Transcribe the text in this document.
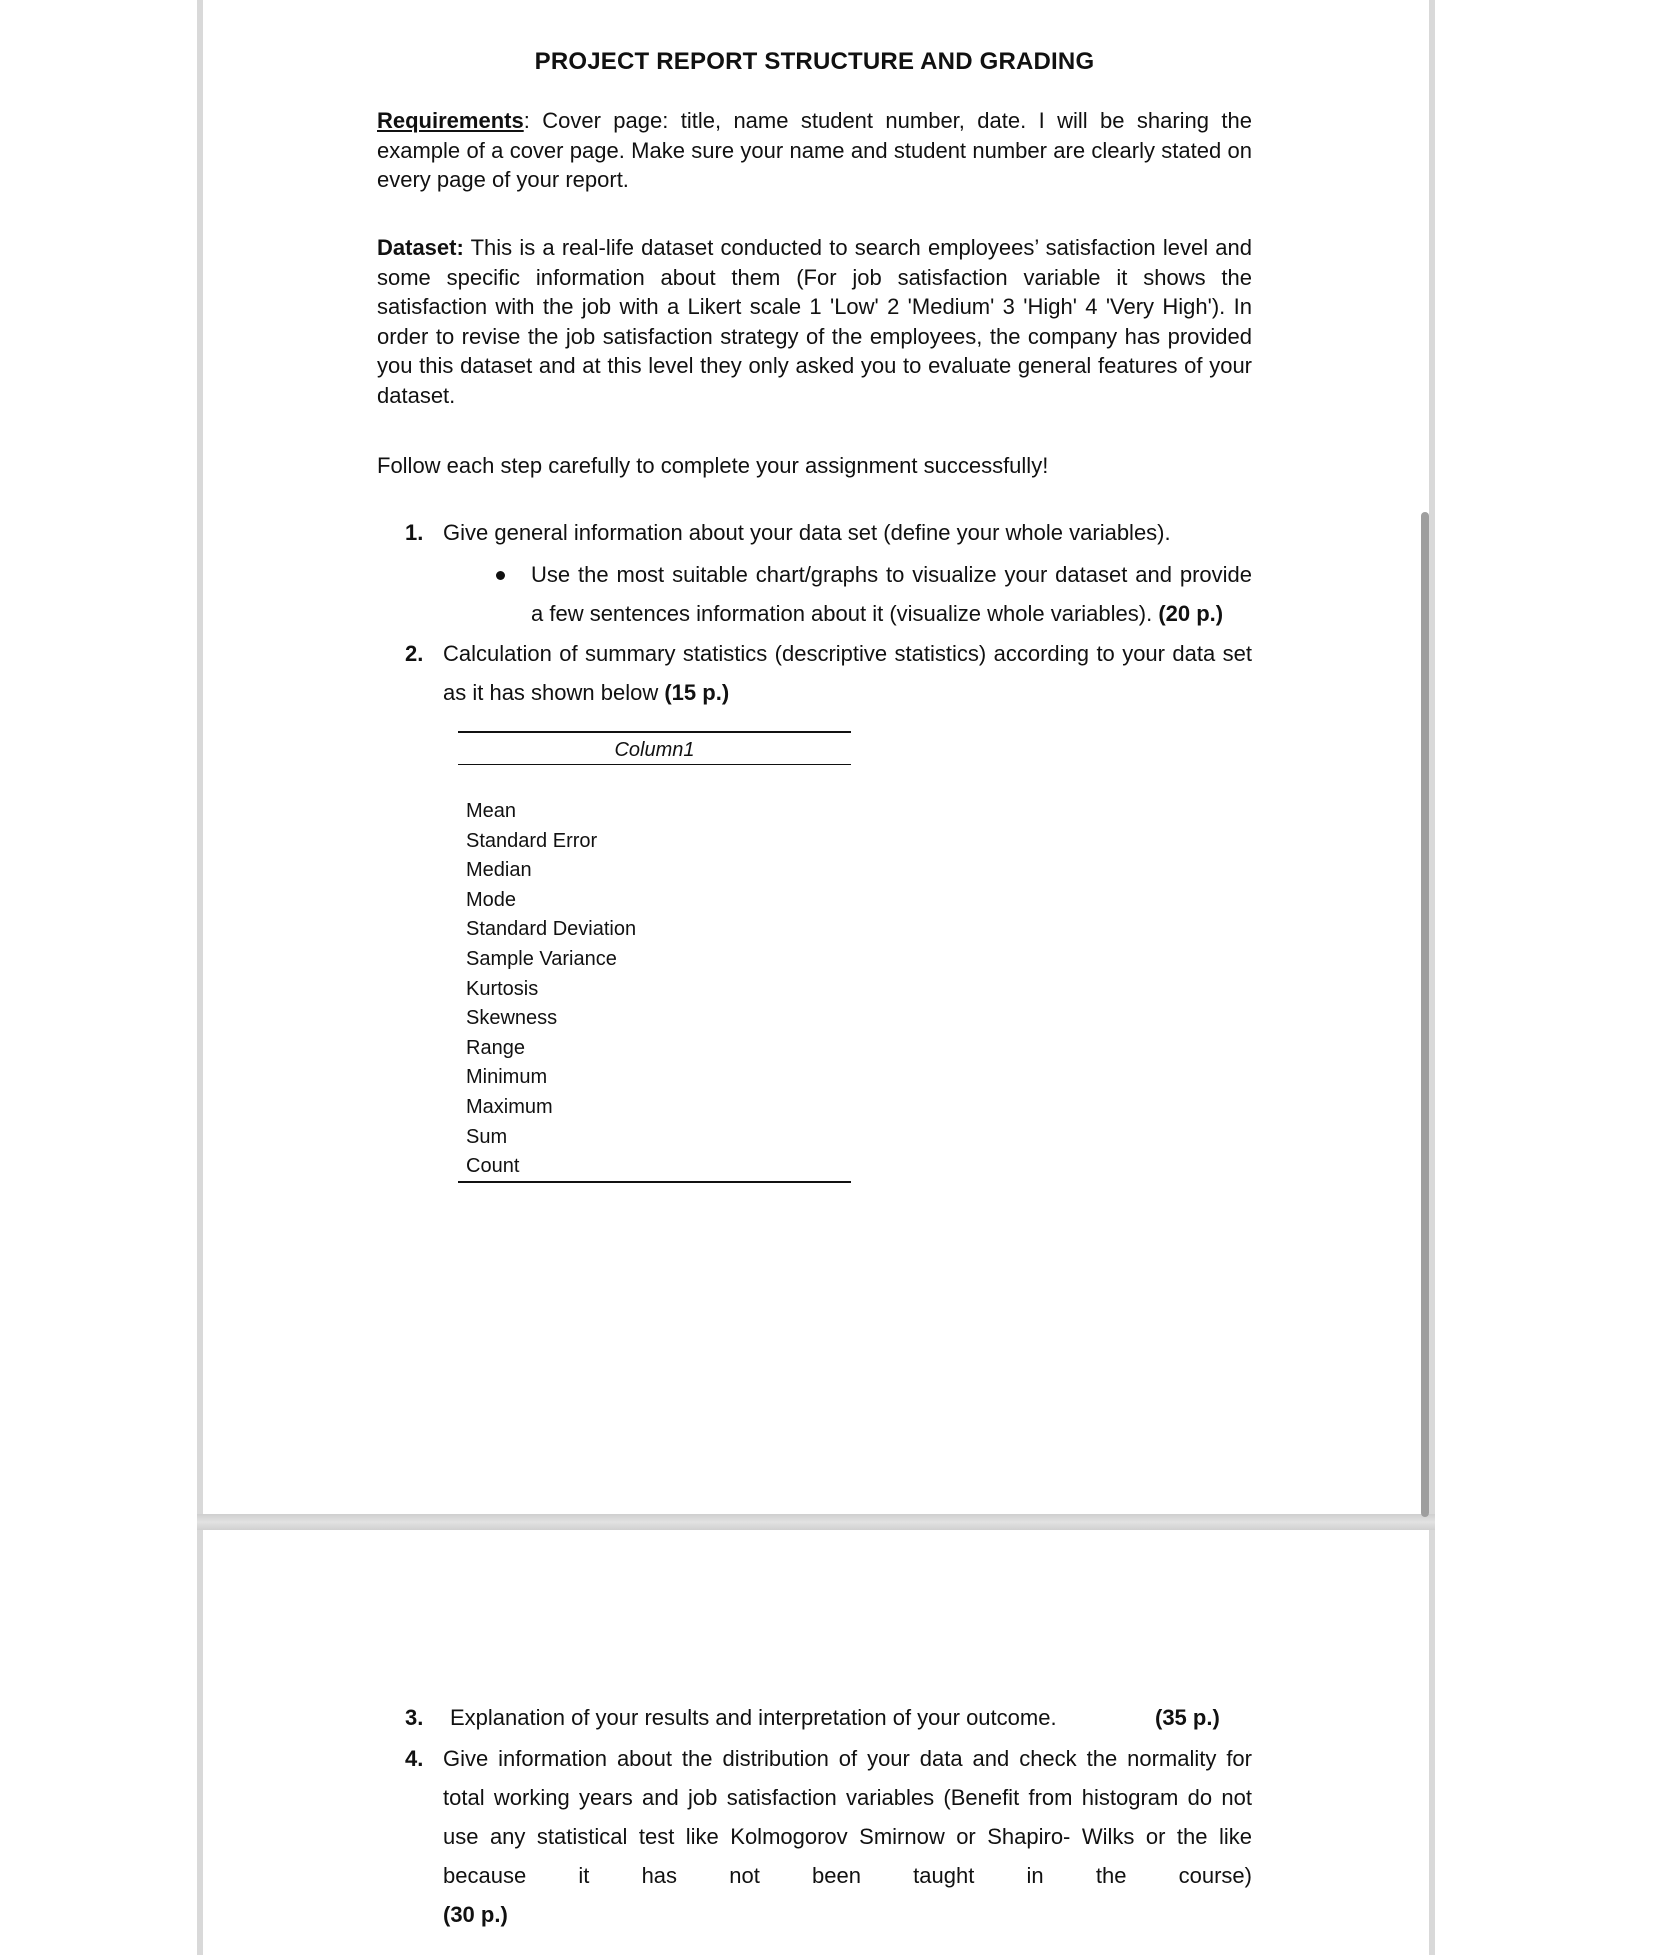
PROJECT REPORT STRUCTURE AND GRADING

Requirements: Cover page: title, name student number, date. I will be sharing the example of a cover page. Make sure your name and student number are clearly stated on every page of your report.

Dataset: This is a real-life dataset conducted to search employees’ satisfaction level and some specific information about them (For job satisfaction variable it shows the satisfaction with the job with a Likert scale 1 'Low' 2 'Medium' 3 'High' 4 'Very High'). In order to revise the job satisfaction strategy of the employees, the company has provided you this dataset and at this level they only asked you to evaluate general features of your dataset.

Follow each step carefully to complete your assignment successfully!

1. Give general information about your data set (define your whole variables).
Use the most suitable chart/graphs to visualize your dataset and provide a few sentences information about it (visualize whole variables). (20 p.)
2. Calculation of summary statistics (descriptive statistics) according to your data set as it has shown below (15 p.)
Column1
Mean
Standard Error
Median
Mode
Standard Deviation
Sample Variance
Kurtosis
Skewness
Range
Minimum
Maximum
Sum
Count
3.	Explanation of your results and interpretation of your outcome.	(35 p.)
4. Give information about the distribution of your data and check the normality for total working years and job satisfaction variables (Benefit from histogram do not use any statistical test like Kolmogorov Smirnow or Shapiro- Wilks or the like because it has not been taught in the course)
(30 p.)
